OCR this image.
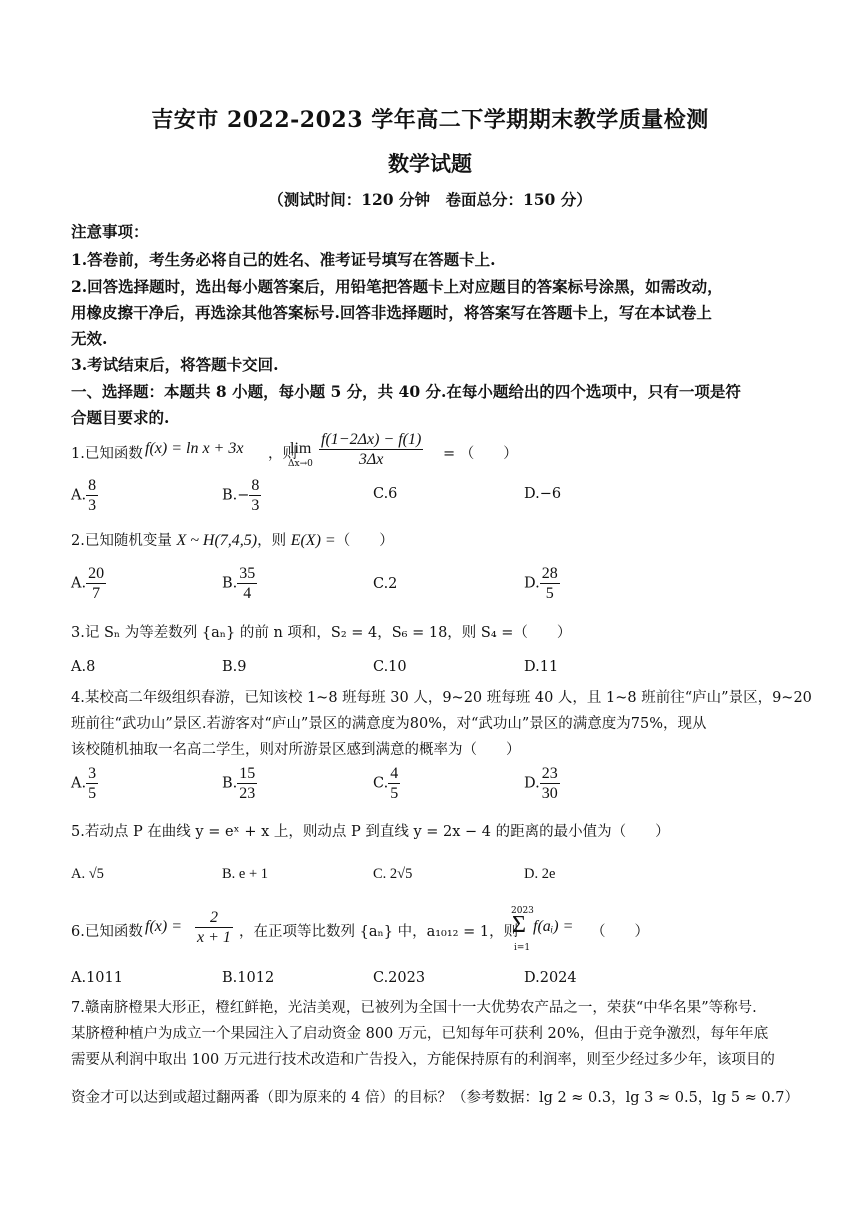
吉安市 2022-2023 学年高二下学期期末教学质量检测
数学试题
（测试时间：120 分钟　卷面总分：150 分）
注意事项：
1.答卷前，考生务必将自己的姓名、准考证号填写在答题卡上.
2.回答选择题时，选出每小题答案后，用铅笔把答题卡上对应题目的答案标号涂黑，如需改动，
用橡皮擦干净后，再选涂其他答案标号.回答非选择题时，将答案写在答题卡上，写在本试卷上
无效.
3.考试结束后，将答题卡交回.
一、选择题：本题共 8 小题，每小题 5 分，共 40 分.在每小题给出的四个选项中，只有一项是符
合题目要求的.
1.已知函数 f(x) = ln x + 3x ，则
lim
$\Delta x\to 0 \frac{f(1-2\Delta x) - f(1)}{3\Delta x}$ = （　　）
A. $\frac{8}{3}$	$B.- \frac{8}{3}$	C.6	D.−6
2.已知随机变量 X ~ H(7,4,5)，则 E(X) =（　　）
A. $\frac{20}{7}$	B. $\frac{35}{4}$	C.2	D. $\frac{28}{5}$
3.记 Sₙ 为等差数列 {aₙ} 的前 n 项和，S₂ = 4，S₆ = 18，则 S₄ =（　　）
A.8	B.9	C.10	D.11
4.某校高二年级组织春游，已知该校 1~8 班每班 30 人，9~20 班每班 40 人，且 1~8 班前往“庐山”景区，9~20
班前往“武功山”景区.若游客对“庐山”景区的满意度为80%，对“武功山”景区的满意度为75%，现从
该校随机抽取一名高二学生，则对所游景区感到满意的概率为（　　）
A. $\frac{3}{5}$	B. $\frac{15}{23}$	C. $\frac{4}{5}$	D. $\frac{23}{30}$
5.若动点 P 在曲线 y = eˣ + x 上，则动点 P 到直线 y = 2x − 4 的距离的最小值为（　　）
A. √5	B. e + 1	C. 2√5	D. 2e
6.已知函数 $f(x) = \frac{2}{x + 1}$ ，在正项等比数列 {aₙ} 中，a₁₀₁₂ = 1，则
2023
Σ
i=1
f(aᵢ) = （　　）
A.1011	B.1012	C.2023	D.2024
7.赣南脐橙果大形正，橙红鲜艳，光洁美观，已被列为全国十一大优势农产品之一，荣获“中华名果”等称号.
某脐橙种植户为成立一个果园注入了启动资金 800 万元，已知每年可获利 20%，但由于竞争激烈，每年年底
需要从利润中取出 100 万元进行技术改造和广告投入，方能保持原有的利润率，则至少经过多少年，该项目的
资金才可以达到或超过翻两番（即为原来的 4 倍）的目标？（参考数据：lg 2 ≈ 0.3，lg 3 ≈ 0.5，lg 5 ≈ 0.7）
